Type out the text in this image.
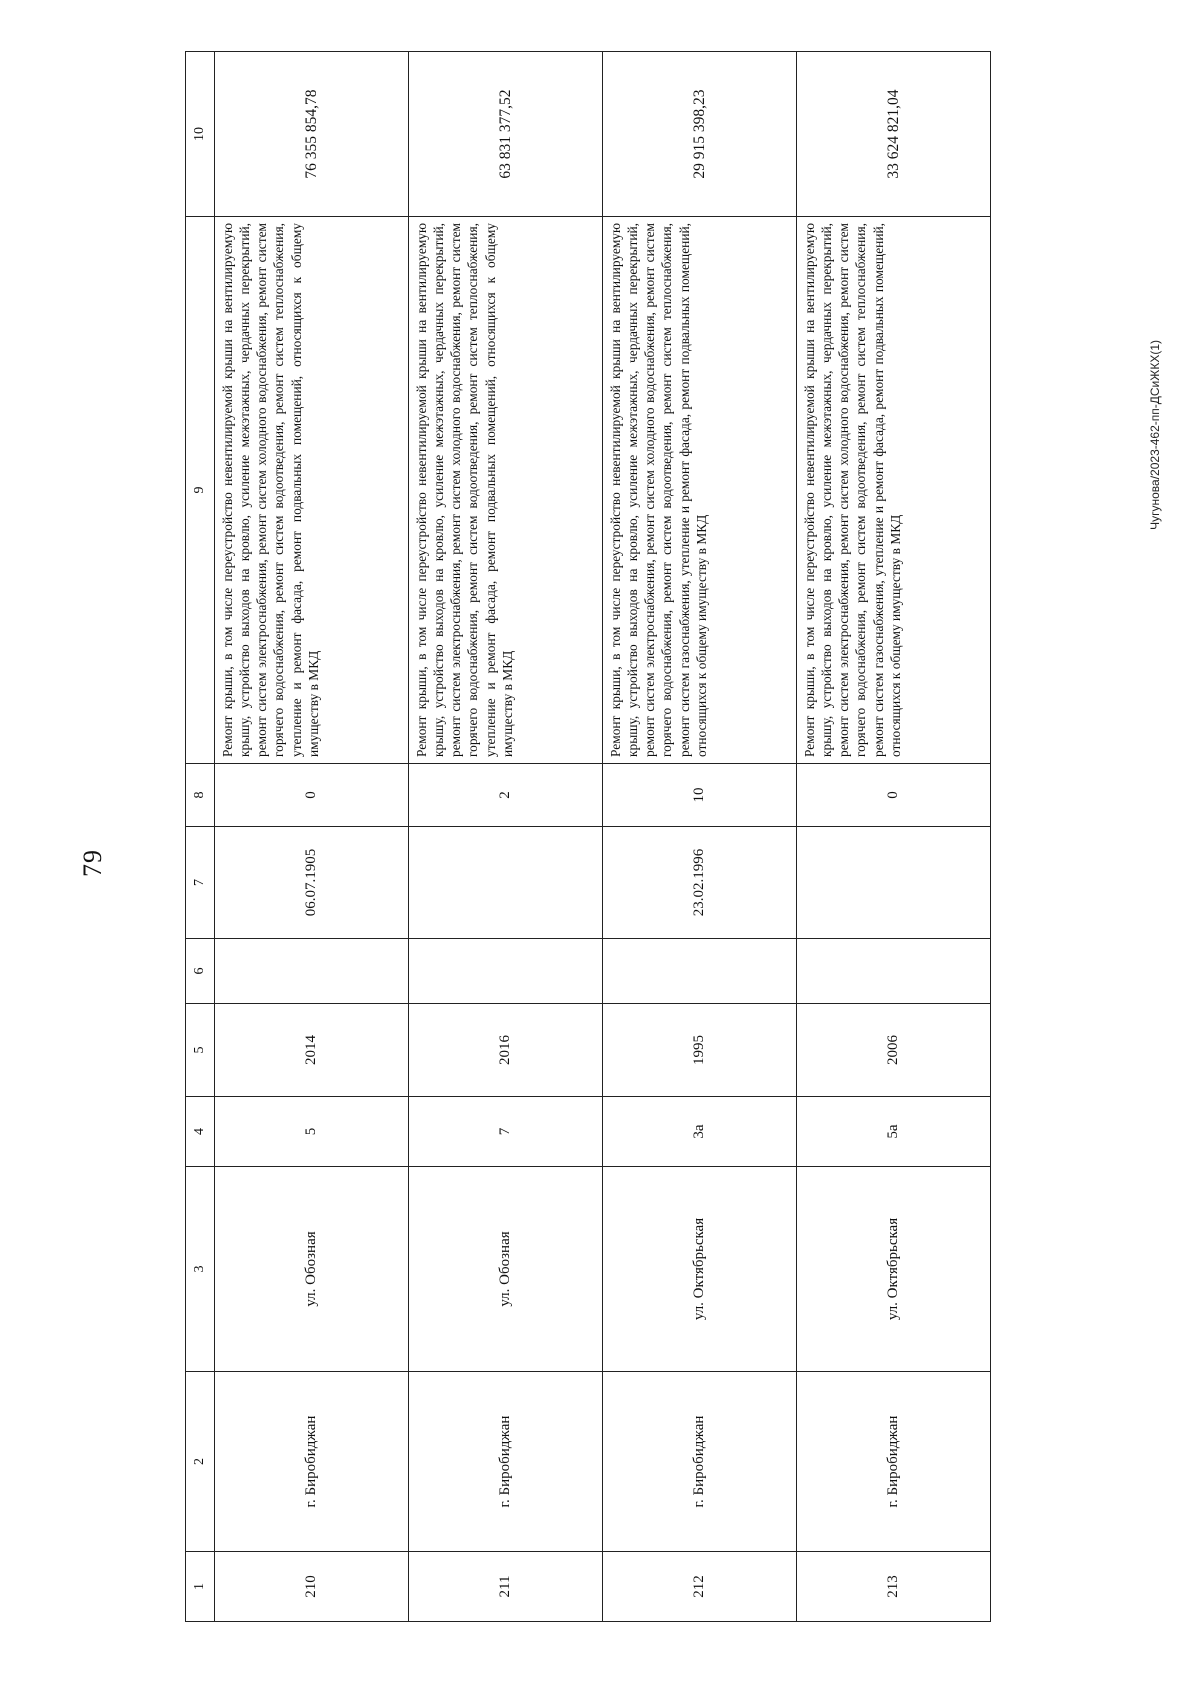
79
1	2	3	4	5	6	7	8	9	10
210	г. Биробиджан	ул. Обозная	5	2014		06.07.1905	0	Ремонт крыши, в том числе переустройство невентилируемой крыши на вентилируемую крышу, устройство выходов на кровлю, усиление межэтажных, чердачных перекрытий, ремонт систем электроснабжения, ремонт систем холодного водоснабжения, ремонт систем горячего водоснабжения, ремонт систем водоотведения, ремонт систем теплоснабжения, утепление и ремонт фасада, ремонт подвальных помещений, относящихся к общему имуществу в МКД	76 355 854,78
211	г. Биробиджан	ул. Обозная	7	2016			2	Ремонт крыши, в том числе переустройство невентилируемой крыши на вентилируемую крышу, устройство выходов на кровлю, усиление межэтажных, чердачных перекрытий, ремонт систем электроснабжения, ремонт систем холодного водоснабжения, ремонт систем горячего водоснабжения, ремонт систем водоотведения, ремонт систем теплоснабжения, утепление и ремонт фасада, ремонт подвальных помещений, относящихся к общему имуществу в МКД	63 831 377,52
212	г. Биробиджан	ул. Октябрьская	3а	1995		23.02.1996	10	Ремонт крыши, в том числе переустройство невентилируемой крыши на вентилируемую крышу, устройство выходов на кровлю, усиление межэтажных, чердачных перекрытий, ремонт систем электроснабжения, ремонт систем холодного водоснабжения, ремонт систем горячего водоснабжения, ремонт систем водоотведения, ремонт систем теплоснабжения, ремонт систем газоснабжения, утепление и ремонт фасада, ремонт подвальных помещений, относящихся к общему имуществу в МКД	29 915 398,23
213	г. Биробиджан	ул. Октябрьская	5а	2006			0	Ремонт крыши, в том числе переустройство невентилируемой крыши на вентилируемую крышу, устройство выходов на кровлю, усиление межэтажных, чердачных перекрытий, ремонт систем электроснабжения, ремонт систем холодного водоснабжения, ремонт систем горячего водоснабжения, ремонт систем водоотведения, ремонт систем теплоснабжения, ремонт систем газоснабжения, утепление и ремонт фасада, ремонт подвальных помещений, относящихся к общему имуществу в МКД	33 624 821,04
Чугунова/2023-462-пп-ДСиЖКХ(1)
